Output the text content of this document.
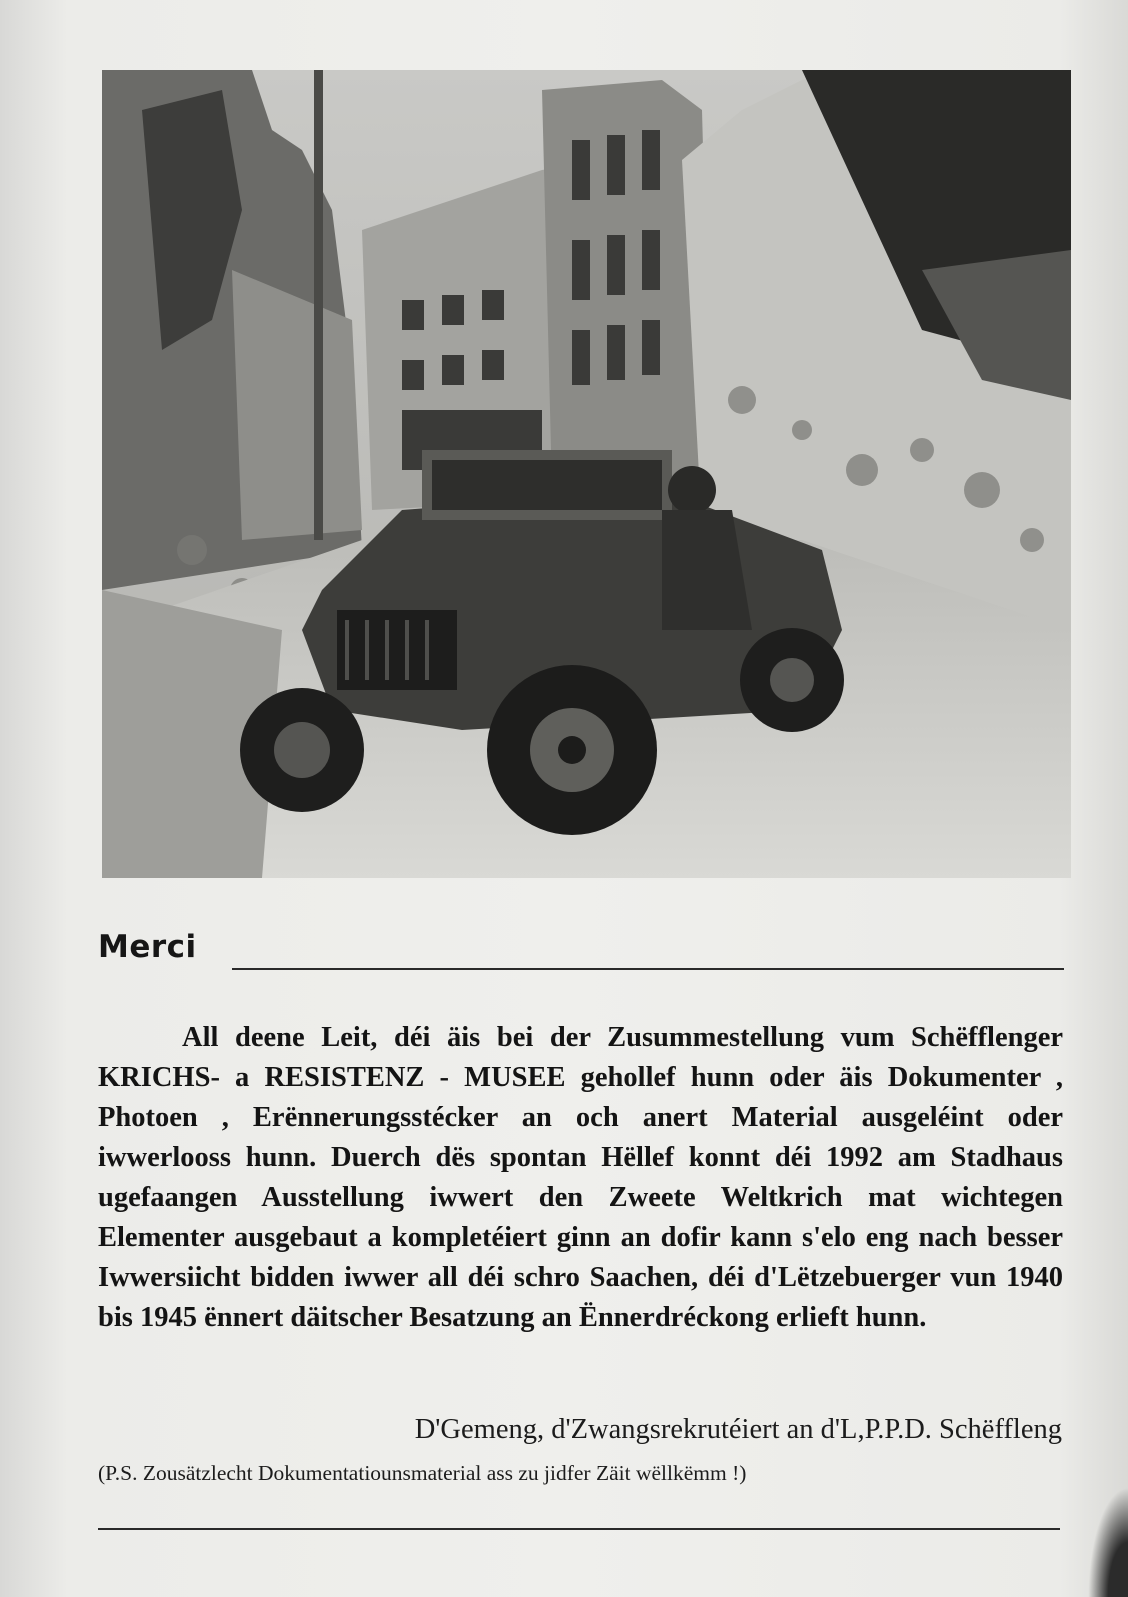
Merci
All deene Leit, déi äis bei der Zusummestellung vum Schëfflenger KRICHS- a RESISTENZ - MUSEE gehollef hunn oder äis Dokumenter , Photoen , Erënnerungsstécker an och anert Material ausgeléint oder iwwerlooss hunn. Duerch dës spontan Hëllef konnt déi 1992 am Stadhaus ugefaangen Ausstellung iwwert den Zweete Weltkrich mat wichtegen Elementer ausgebaut a kompletéiert ginn an dofir kann s'elo eng nach besser Iwwersiicht bidden iwwer all déi schro Saachen, déi d'Lëtzebuerger vun 1940 bis 1945 ënnert däitscher Besatzung an Ënnerdréckong erlieft hunn.
D'Gemeng, d'Zwangsrekrutéiert an d'L,P.P.D. Schëffleng
(P.S. Zousätzlecht Dokumentatiounsmaterial ass zu jidfer Zäit wëllkëmm !)
